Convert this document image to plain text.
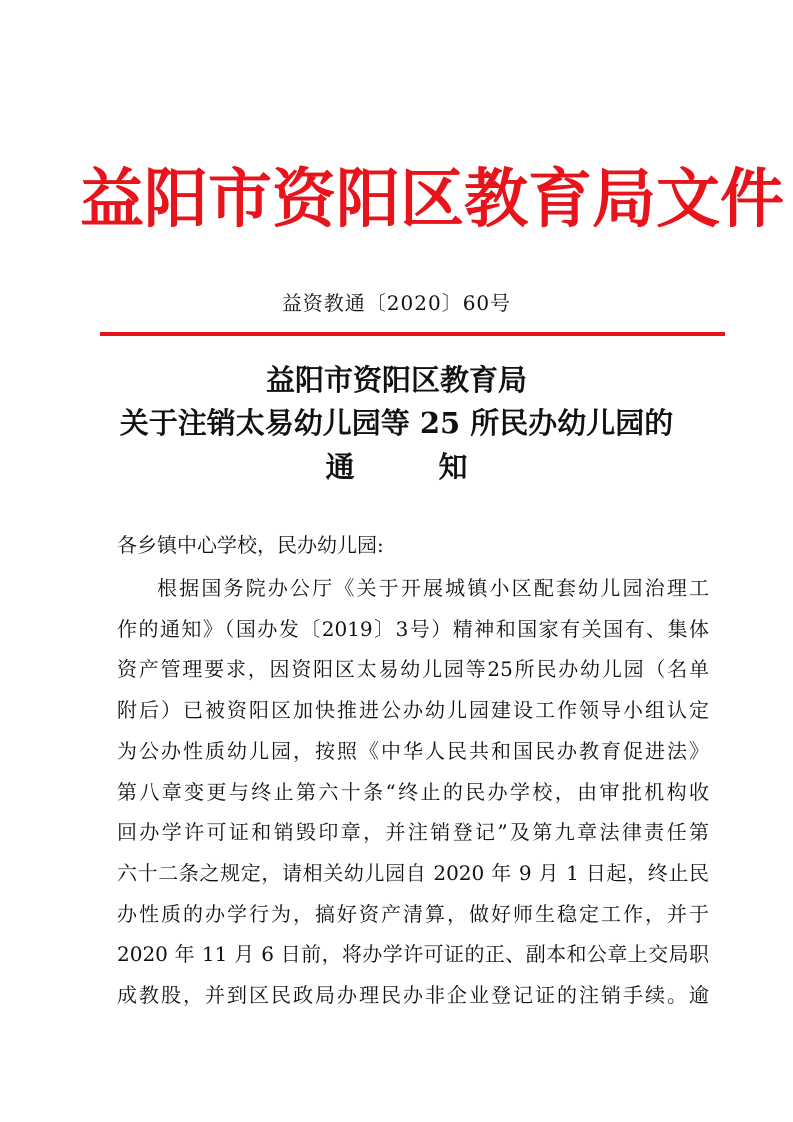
益阳市资阳区教育局文件
益资教通〔2020〕60号
益阳市资阳区教育局
关于注销太易幼儿园等 25 所民办幼儿园的
通	知
各乡镇中心学校，民办幼儿园:
根据国务院办公厅《关于开展城镇小区配套幼儿园治理工
作的通知》（国办发〔2019〕3号）精神和国家有关国有、集体
资产管理要求，因资阳区太易幼儿园等25所民办幼儿园（名单
附后）已被资阳区加快推进公办幼儿园建设工作领导小组认定
为公办性质幼儿园，按照《中华人民共和国民办教育促进法》
第八章变更与终止第六十条“终止的民办学校，由审批机构收
回办学许可证和销毁印章，并注销登记”及第九章法律责任第
六十二条之规定，请相关幼儿园自 2020 年 9 月 1 日起，终止民
办性质的办学行为，搞好资产清算，做好师生稳定工作，并于
2020 年 11 月 6 日前，将办学许可证的正、副本和公章上交局职
成教股，并到区民政局办理民办非企业登记证的注销手续。逾
